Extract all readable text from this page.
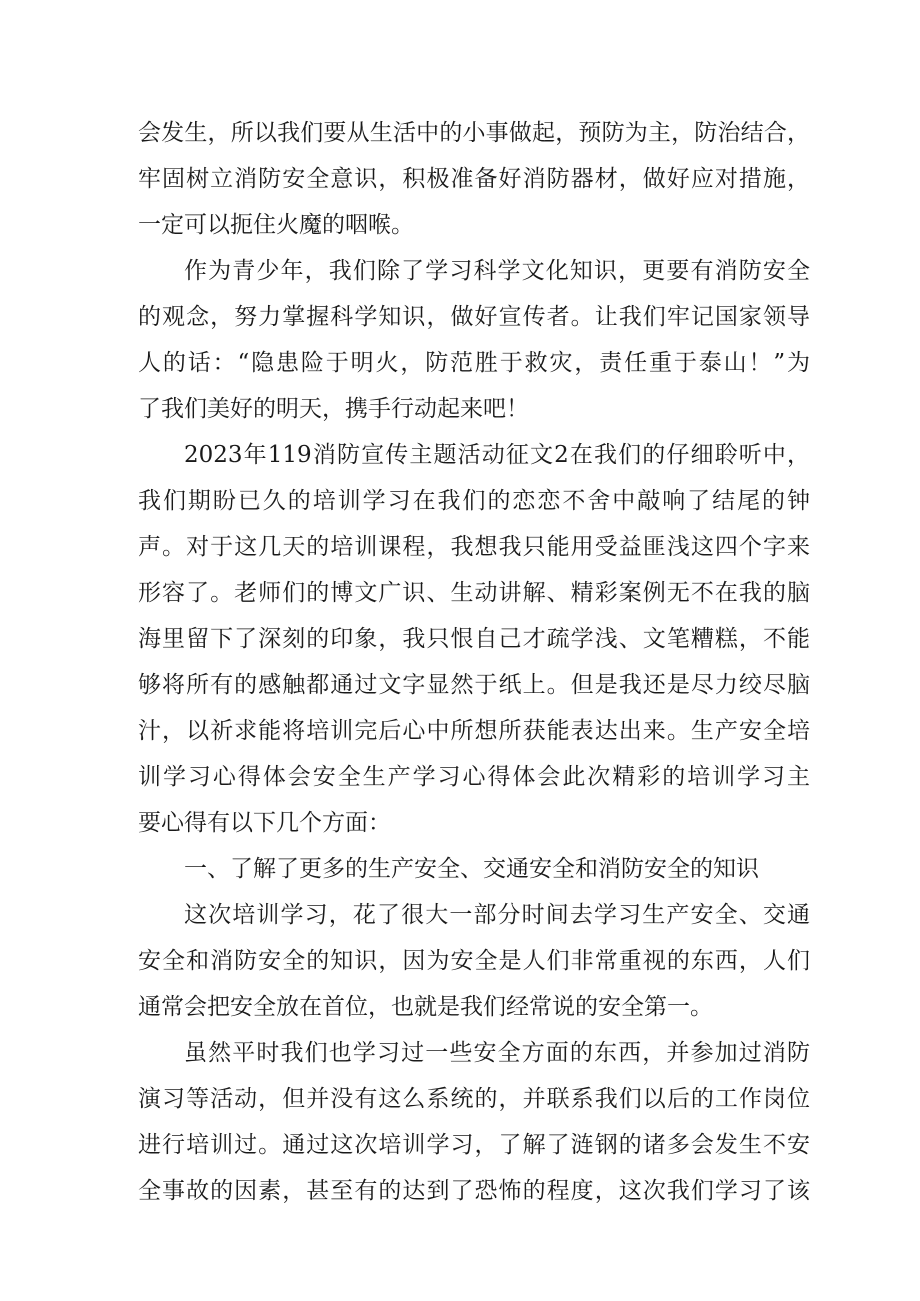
会发生，所以我们要从生活中的小事做起，预防为主，防治结合，
牢固树立消防安全意识，积极准备好消防器材，做好应对措施，
一定可以扼住火魔的咽喉。
作为青少年，我们除了学习科学文化知识，更要有消防安全
的观念，努力掌握科学知识，做好宣传者。让我们牢记国家领导
人的话：“隐患险于明火，防范胜于救灾，责任重于泰山！”为
了我们美好的明天，携手行动起来吧！
2023年119消防宣传主题活动征文2在我们的仔细聆听中，
我们期盼已久的培训学习在我们的恋恋不舍中敲响了结尾的钟
声。对于这几天的培训课程，我想我只能用受益匪浅这四个字来
形容了。老师们的博文广识、生动讲解、精彩案例无不在我的脑
海里留下了深刻的印象，我只恨自己才疏学浅、文笔糟糕，不能
够将所有的感触都通过文字显然于纸上。但是我还是尽力绞尽脑
汁，以祈求能将培训完后心中所想所获能表达出来。生产安全培
训学习心得体会安全生产学习心得体会此次精彩的培训学习主
要心得有以下几个方面：
一、了解了更多的生产安全、交通安全和消防安全的知识
这次培训学习，花了很大一部分时间去学习生产安全、交通
安全和消防安全的知识，因为安全是人们非常重视的东西，人们
通常会把安全放在首位，也就是我们经常说的安全第一。
虽然平时我们也学习过一些安全方面的东西，并参加过消防
演习等活动，但并没有这么系统的，并联系我们以后的工作岗位
进行培训过。通过这次培训学习，了解了涟钢的诸多会发生不安
全事故的因素，甚至有的达到了恐怖的程度，这次我们学习了该
